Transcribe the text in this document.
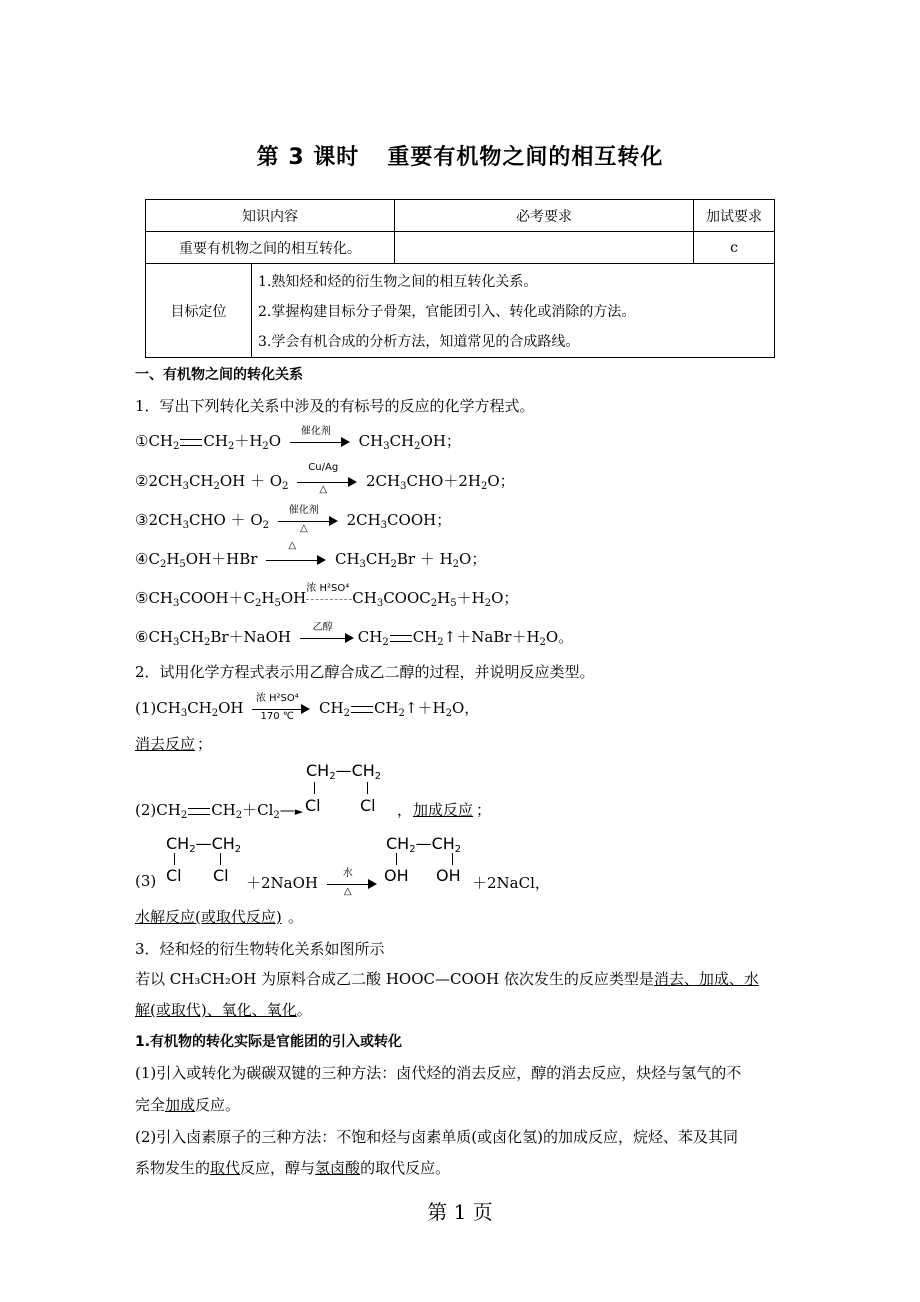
第 3 课时 重要有机物之间的相互转化
知识内容		必考要求	加试要求
重要有机物之间的相互转化。			c
目标定位	1.熟知烃和烃的衍生物之间的相互转化关系。
2.掌握构建目标分子骨架，官能团引入、转化或消除的方法。
3.学会有机合成的分析方法，知道常见的合成路线。		
一、有机物之间的转化关系
1．写出下列转化关系中涉及的有标号的反应的化学方程式。
$①CH_2$ $CH_2+H_2O$
催化剂
$CH_3CH_2OH$；
$②2CH_3CH_2OH + O_2$
Cu/Ag
△	$2CH_3CHO+2H_2O$；
$③2CH_3CHO + O_2$
催化剂
△	$2CH_3COOH$；
$④C_2H_5OH+HBr$
△
$CH_3CH_2Br + H_2O$；
$⑤CH_3COOH+C_2H_5OH$
浓 H²SO⁴
$CH_3COOC_2H_5+H_2O$；
$⑥CH_3CH_2Br+NaOH$
乙醇
$CH_2$ $CH_2↑+NaBr+H_2O$。
2．试用化学方程式表示用乙醇合成乙二醇的过程，并说明反应类型。
$(1)CH_3CH_2OH$
浓 H²SO⁴
170 ℃	$CH_2$ $CH_2↑+H_2O$，
消去反应 ；
$CH_2—CH_2$
Cl Cl
$(2)CH_2$ $CH_2+Cl_2—►$	， 加成反应 ；
$CH_2—CH_2$
Cl Cl
$CH_2—CH_2$
OH OH
(3)	＋2NaOH
水
△	＋2NaCl，
水解反应(或取代反应) 。
3．烃和烃的衍生物转化关系如图所示
若以 CH₃CH₂OH 为原料合成乙二酸 HOOC—COOH 依次发生的反应类型是消去、加成、水
解(或取代)、氧化、氧化。
1.有机物的转化实际是官能团的引入或转化
(1)引入或转化为碳碳双键的三种方法：卤代烃的消去反应，醇的消去反应，炔烃与氢气的不
完全加成反应。
(2)引入卤素原子的三种方法：不饱和烃与卤素单质(或卤化氢)的加成反应，烷烃、苯及其同
系物发生的取代反应，醇与氢卤酸的取代反应。
第 1 页
